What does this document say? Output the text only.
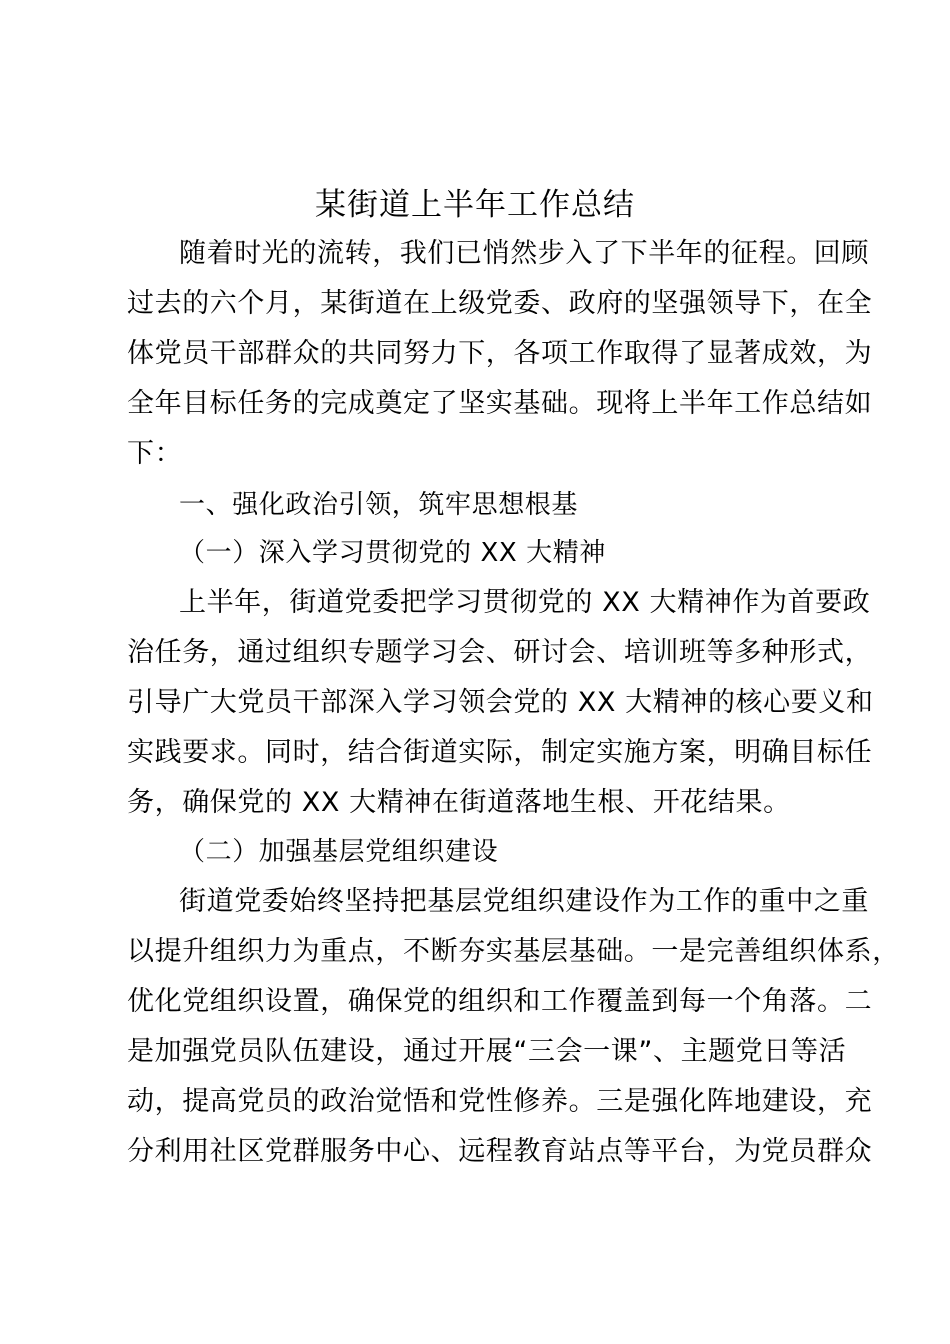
某街道上半年工作总结
随着时光的流转，我们已悄然步入了下半年的征程。回顾
过去的六个月，某街道在上级党委、政府的坚强领导下，在全
体党员干部群众的共同努力下，各项工作取得了显著成效，为
全年目标任务的完成奠定了坚实基础。现将上半年工作总结如
下：
一、强化政治引领，筑牢思想根基
（一）深入学习贯彻党的 XX 大精神
上半年，街道党委把学习贯彻党的 XX 大精神作为首要政
治任务，通过组织专题学习会、研讨会、培训班等多种形式，
引导广大党员干部深入学习领会党的 XX 大精神的核心要义和
实践要求。同时，结合街道实际，制定实施方案，明确目标任
务，确保党的 XX 大精神在街道落地生根、开花结果。
（二）加强基层党组织建设
街道党委始终坚持把基层党组织建设作为工作的重中之重
以提升组织力为重点，不断夯实基层基础。一是完善组织体系，
优化党组织设置，确保党的组织和工作覆盖到每一个角落。二
是加强党员队伍建设，通过开展“三会一课”、主题党日等活
动，提高党员的政治觉悟和党性修养。三是强化阵地建设，充
分利用社区党群服务中心、远程教育站点等平台，为党员群众
